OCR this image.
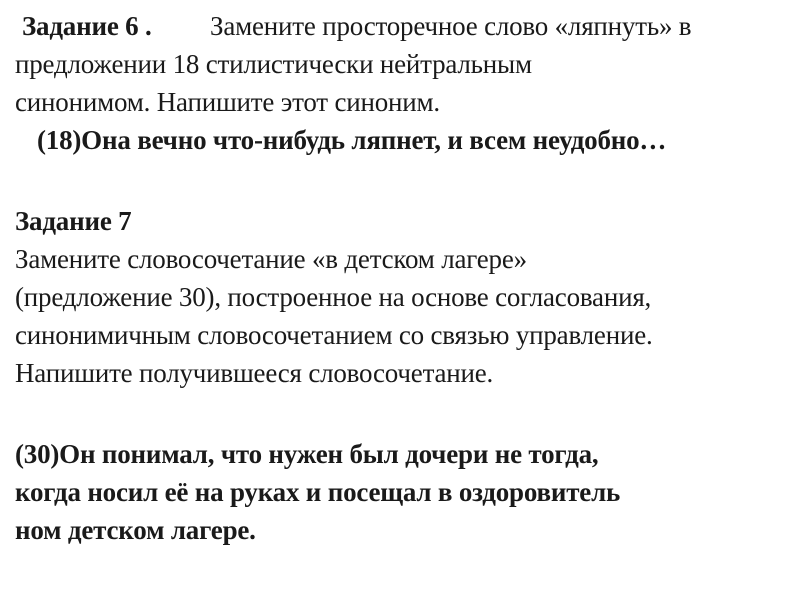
Задание 6 . Замените просторечное слово «ляпнуть» в
предложении 18 стилистически нейтральным
синонимом. Напишите этот синоним.
(18)Она вечно что-нибудь ляпнет, и всем неудобно…
Задание 7
Замените словосочетание «в детском лагере»
(предложение 30), построенное на основе согласования,
синонимичным словосочетанием со связью управление.
Напишите получившееся словосочетание.
(30)Он понимал, что нужен был дочери не тогда,
когда носил её на руках и посещал в оздоровитель
ном детском лагере.
